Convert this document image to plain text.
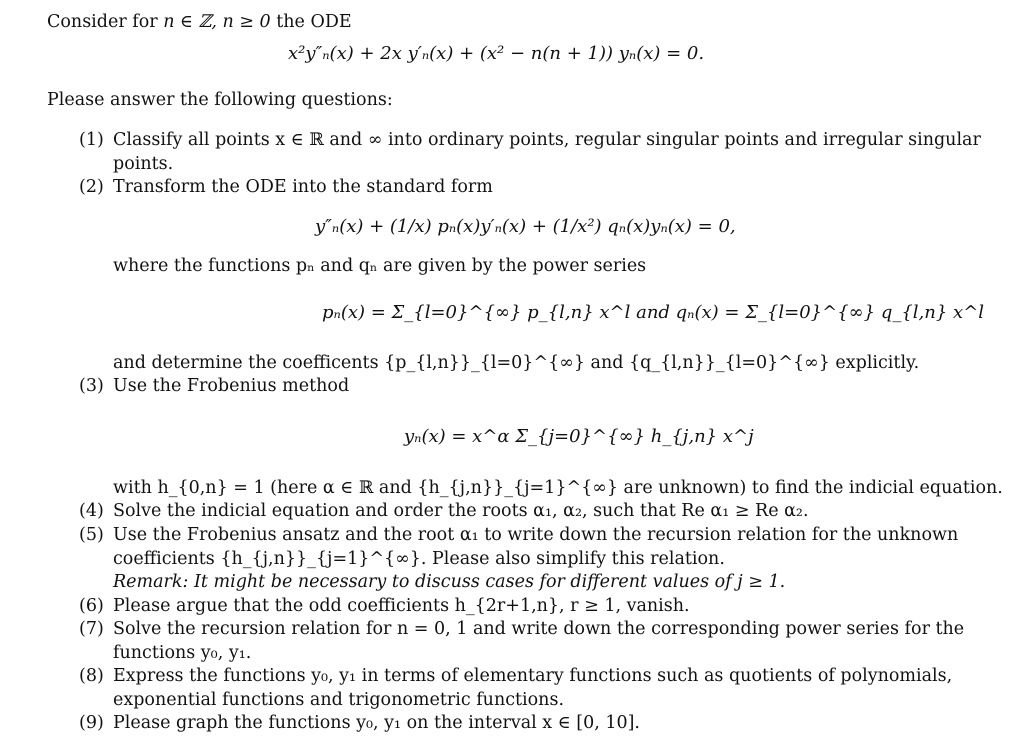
Consider for n ∈ ℤ, n ≥ 0 the ODE
x²y″ₙ(x) + 2x y′ₙ(x) + (x² − n(n + 1)) yₙ(x) = 0.
Please answer the following questions:
(1) Classify all points x ∈ ℝ and ∞ into ordinary points, regular singular points and irregular singular
points.
(2) Transform the ODE into the standard form
y″ₙ(x) + (1/x) pₙ(x)y′ₙ(x) + (1/x²) qₙ(x)yₙ(x) = 0,
where the functions pₙ and qₙ are given by the power series
pₙ(x) = Σ_{l=0}^{∞} p_{l,n} x^l and qₙ(x) = Σ_{l=0}^{∞} q_{l,n} x^l
and determine the coefficents {p_{l,n}}_{l=0}^{∞} and {q_{l,n}}_{l=0}^{∞} explicitly.
(3) Use the Frobenius method
yₙ(x) = x^α Σ_{j=0}^{∞} h_{j,n} x^j
with h_{0,n} = 1 (here α ∈ ℝ and {h_{j,n}}_{j=1}^{∞} are unknown) to find the indicial equation.
(4) Solve the indicial equation and order the roots α₁, α₂, such that Re α₁ ≥ Re α₂.
(5) Use the Frobenius ansatz and the root α₁ to write down the recursion relation for the unknown
coefficients {h_{j,n}}_{j=1}^{∞}. Please also simplify this relation.
Remark: It might be necessary to discuss cases for different values of j ≥ 1.
(6) Please argue that the odd coefficients h_{2r+1,n}, r ≥ 1, vanish.
(7) Solve the recursion relation for n = 0, 1 and write down the corresponding power series for the
functions y₀, y₁.
(8) Express the functions y₀, y₁ in terms of elementary functions such as quotients of polynomials,
exponential functions and trigonometric functions.
(9) Please graph the functions y₀, y₁ on the interval x ∈ [0, 10].
